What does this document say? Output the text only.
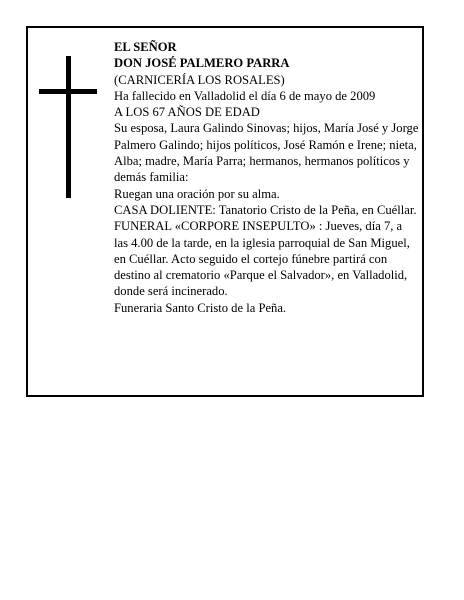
EL SEÑOR

DON JOSÉ PALMERO PARRA

(CARNICERÍA LOS ROSALES)

Ha fallecido en Valladolid el día 6 de mayo de 2009

A LOS 67 AÑOS DE EDAD

Su esposa, Laura Galindo Sinovas; hijos, María José y Jorge Palmero Galindo; hijos políticos, José Ramón e Irene; nieta, Alba; madre, María Parra; hermanos, hermanos políticos y demás familia:

Ruegan una oración por su alma.

CASA DOLIENTE: Tanatorio Cristo de la Peña, en Cuéllar.

FUNERAL «CORPORE INSEPULTO» : Jueves, día 7, a las 4.00 de la tarde, en la iglesia parroquial de San Miguel, en Cuéllar. Acto seguido el cortejo fúnebre partirá con destino al crematorio «Parque el Salvador», en Valladolid, donde será incinerado.

Funeraria Santo Cristo de la Peña.
